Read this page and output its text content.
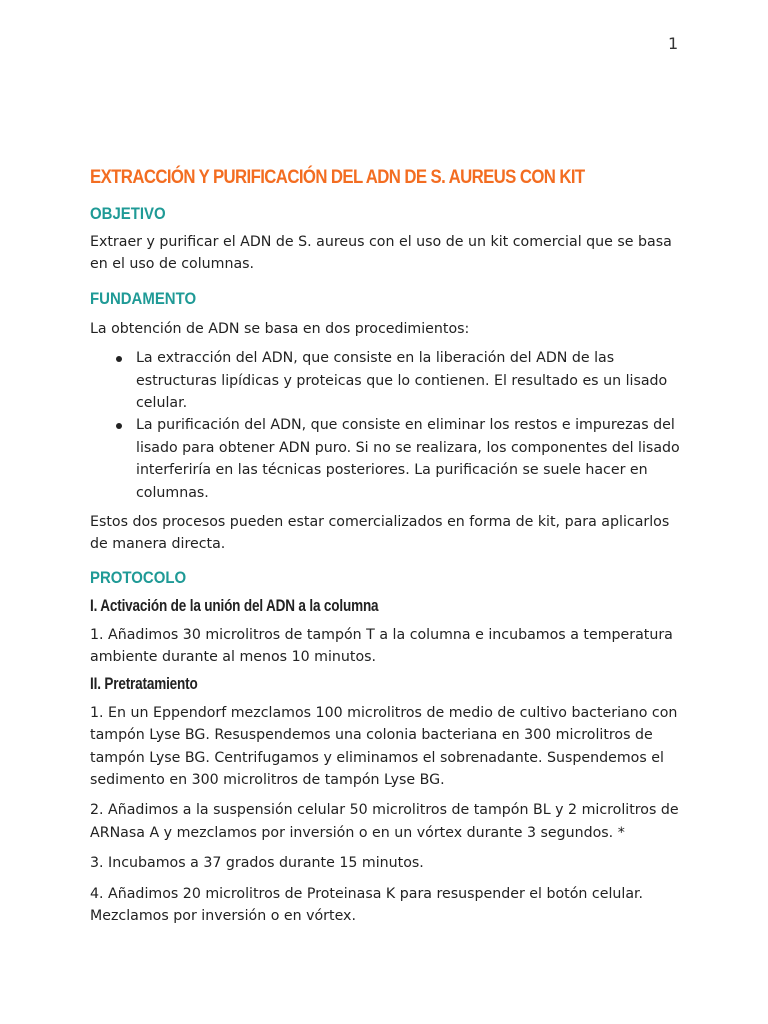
1
EXTRACCIÓN Y PURIFICACIÓN DEL ADN DE S. AUREUS CON KIT
OBJETIVO

Extraer y purificar el ADN de S. aureus con el uso de un kit comercial que se basa en el uso de columnas.

FUNDAMENTO

La obtención de ADN se basa en dos procedimientos:

La extracción del ADN, que consiste en la liberación del ADN de las estructuras lipídicas y proteicas que lo contienen. El resultado es un lisado celular.
La purificación del ADN, que consiste en eliminar los restos e impurezas del lisado para obtener ADN puro. Si no se realizara, los componentes del lisado interferiría en las técnicas posteriores. La purificación se suele hacer en columnas.

Estos dos procesos pueden estar comercializados en forma de kit, para aplicarlos de manera directa.

PROTOCOLO
I. Activación de la unión del ADN a la columna

1. Añadimos 30 microlitros de tampón T a la columna e incubamos a temperatura ambiente durante al menos 10 minutos.

II. Pretratamiento

1. En un Eppendorf mezclamos 100 microlitros de medio de cultivo bacteriano con tampón Lyse BG. Resuspendemos una colonia bacteriana en 300 microlitros de tampón Lyse BG. Centrifugamos y eliminamos el sobrenadante. Suspendemos el sedimento en 300 microlitros de tampón Lyse BG.

2. Añadimos a la suspensión celular 50 microlitros de tampón BL y 2 microlitros de ARNasa A y mezclamos por inversión o en un vórtex durante 3 segundos. *

3. Incubamos a 37 grados durante 15 minutos.

4. Añadimos 20 microlitros de Proteinasa K para resuspender el botón celular. Mezclamos por inversión o en vórtex.
